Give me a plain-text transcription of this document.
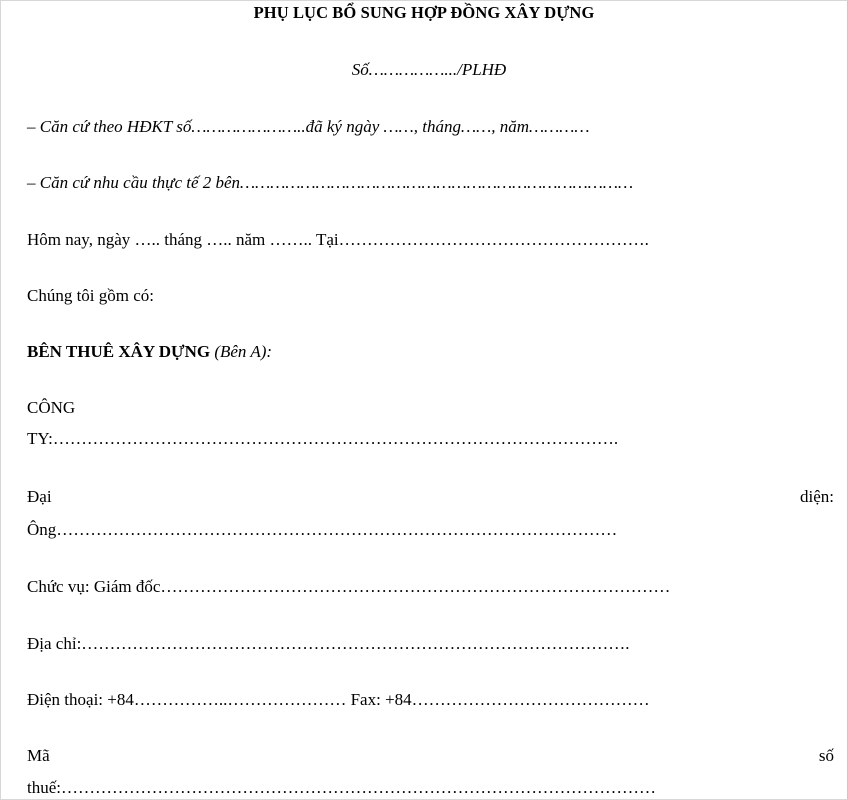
PHỤ LỤC BỔ SUNG HỢP ĐỒNG XÂY DỰNG
Số…………….../PLHĐ
– Căn cứ theo HĐKT số…………………..đã ký ngày ……, tháng……, năm…………
– Căn cứ nhu cầu thực tế 2 bên……………………………………………………………………
Hôm nay, ngày ….. tháng ….. năm …….. Tại……………………………………………….
Chúng tôi gồm có:
BÊN THUÊ XÂY DỰNG (Bên A):
CÔNG
TY:……………………………………………………………………………………….
Đại	diện:
Ông………………………………………………………………………………………
Chức vụ: Giám đốc………………………………………………………………………………
Địa chỉ:…………………………………………………………………………………….
Điện thoại: +84……………..………………… Fax: +84……………………………………
Mã	số
thuế:……………………………………………………………………………………………
